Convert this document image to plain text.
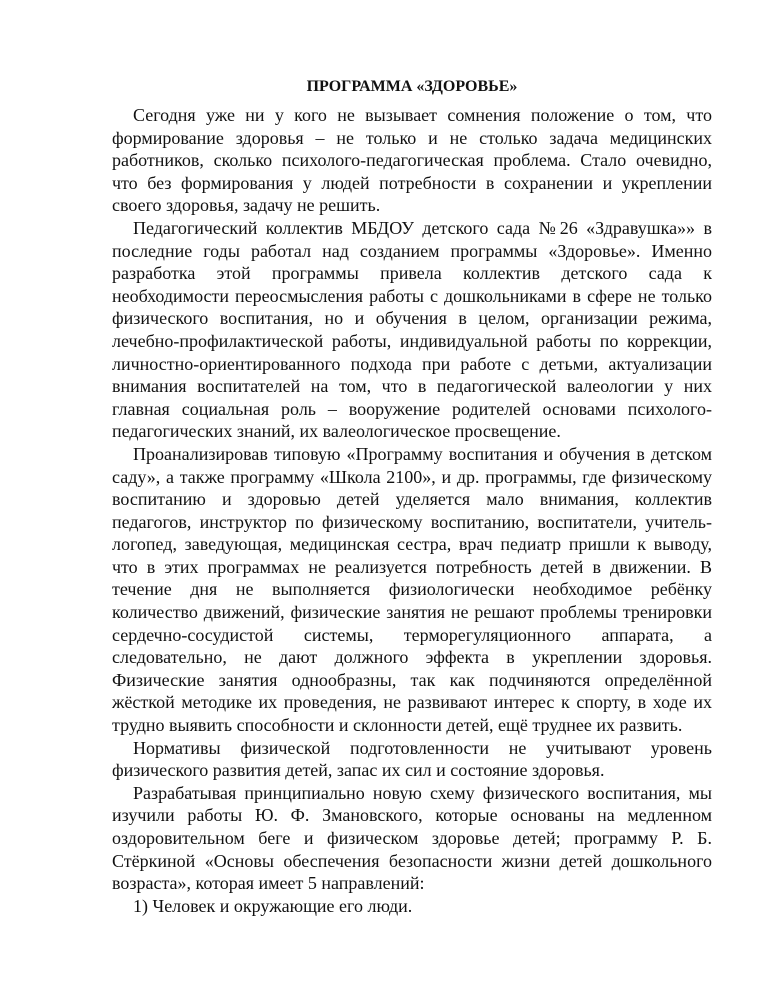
ПРОГРАММА «ЗДОРОВЬЕ»

Сегодня уже ни у кого не вызывает сомнения положение о том, что формирование здоровья – не только и не столько задача медицинских работников, сколько психолого-педагогическая проблема. Стало очевидно, что без формирования у людей потребности в сохранении и укреплении своего здоровья, задачу не решить.

Педагогический коллектив МБДОУ детского сада №26 «Здравушка»» в последние годы работал над созданием программы «Здоровье». Именно разработка этой программы привела коллектив детского сада к необходимости переосмысления работы с дошкольниками в сфере не только физического воспитания, но и обучения в целом, организации режима, лечебно-профилактической работы, индивидуальной работы по коррекции, личностно-ориентированного подхода при работе с детьми, актуализации внимания воспитателей на том, что в педагогической валеологии у них главная социальная роль – вооружение родителей основами психолого-педагогических знаний, их валеологическое просвещение.

Проанализировав типовую «Программу воспитания и обучения в детском саду», а также программу «Школа 2100», и др. программы, где физическому воспитанию и здоровью детей уделяется мало внимания, коллектив педагогов, инструктор по физическому воспитанию, воспитатели, учитель-логопед, заведующая, медицинская сестра, врач педиатр пришли к выводу, что в этих программах не реализуется потребность детей в движении. В течение дня не выполняется физиологически необходимое ребёнку количество движений, физические занятия не решают проблемы тренировки сердечно-сосудистой системы, терморегуляционного аппарата, а следовательно, не дают должного эффекта в укреплении здоровья. Физические занятия однообразны, так как подчиняются определённой жёсткой методике их проведения, не развивают интерес к спорту, в ходе их трудно выявить способности и склонности детей, ещё труднее их развить.

Нормативы физической подготовленности не учитывают уровень физического развития детей, запас их сил и состояние здоровья.

Разрабатывая принципиально новую схему физического воспитания, мы изучили работы Ю. Ф. Змановского, которые основаны на медленном оздоровительном беге и физическом здоровье детей; программу Р. Б. Стёркиной «Основы обеспечения безопасности жизни детей дошкольного возраста», которая имеет 5 направлений:

1) Человек и окружающие его люди.
